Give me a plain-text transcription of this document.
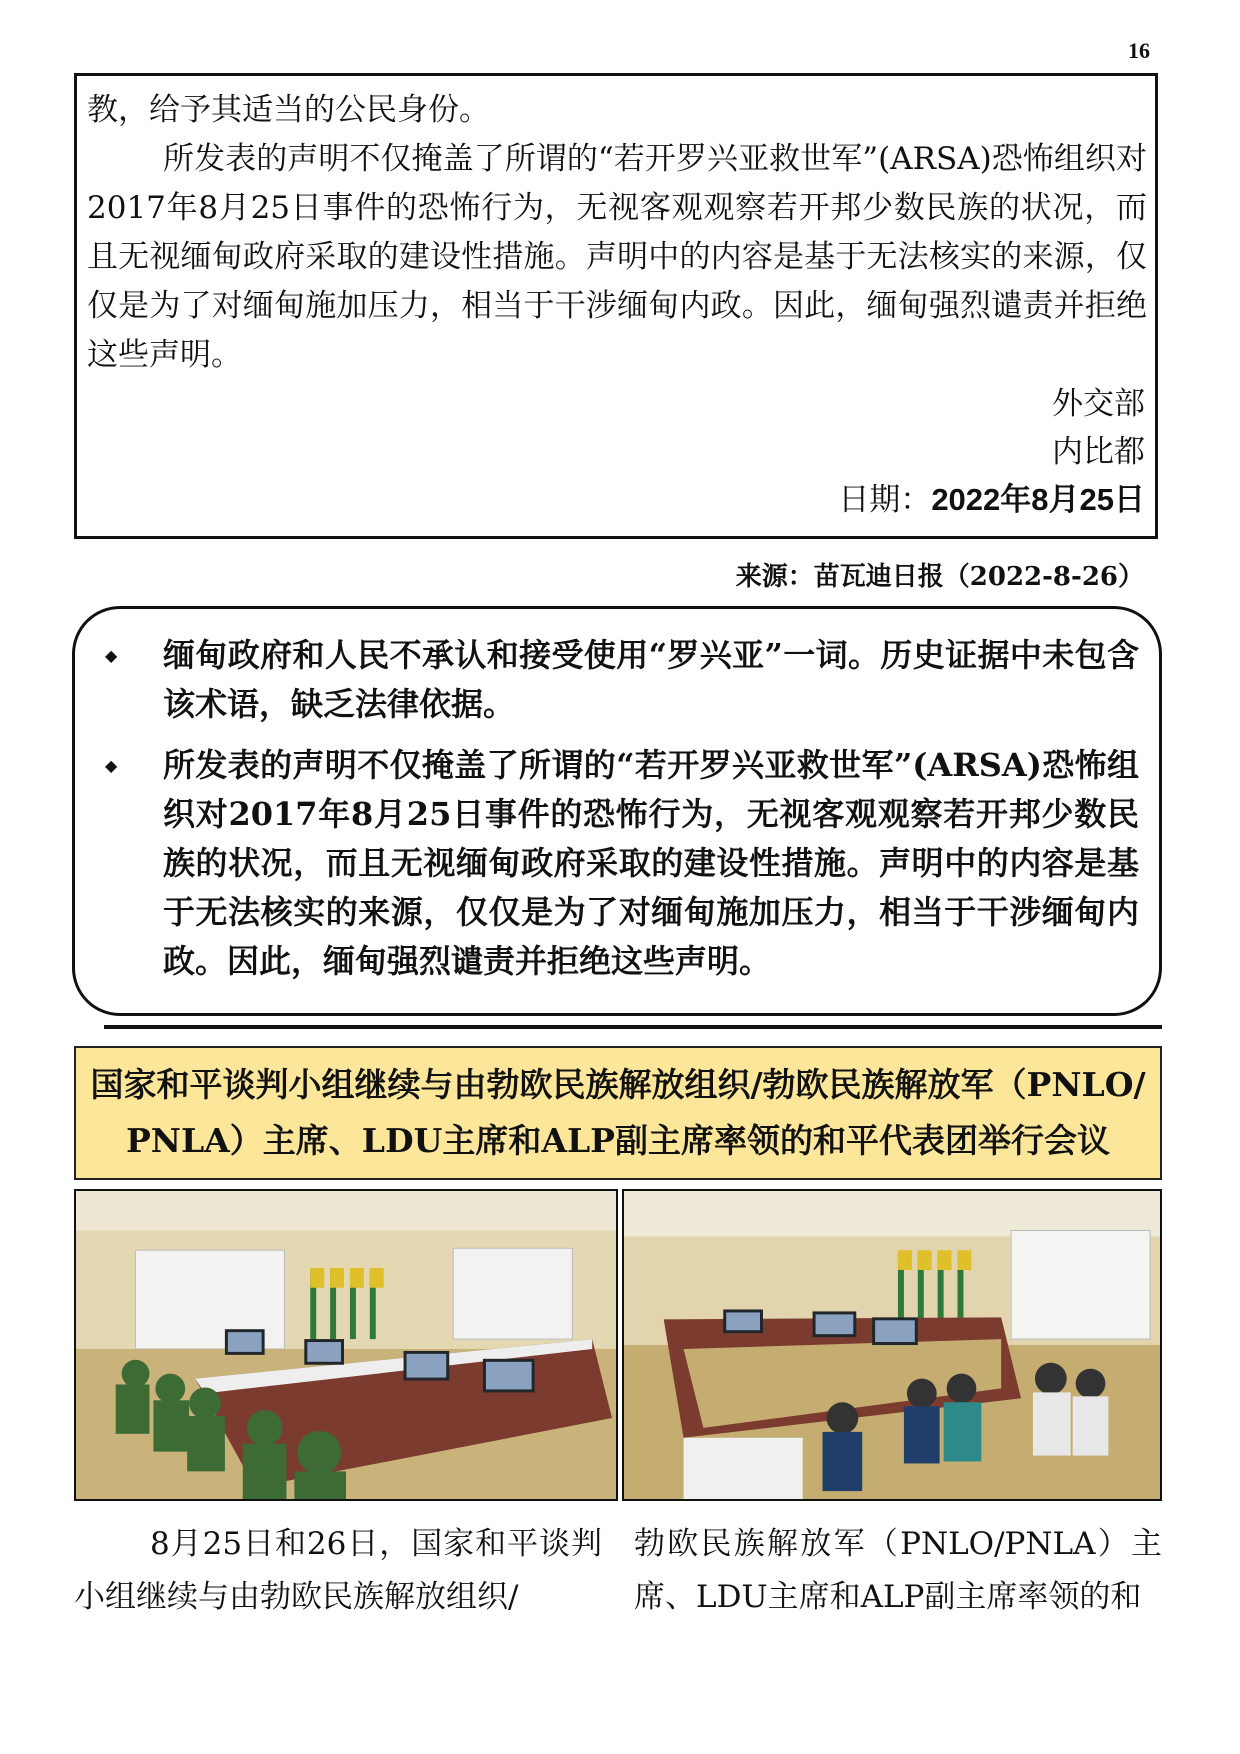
16

教，给予其适当的公民身份。

所发表的声明不仅掩盖了所谓的“若开罗兴亚救世军”(ARSA)恐怖组织对2017年8月25日事件的恐怖行为，无视客观观察若开邦少数民族的状况，而且无视缅甸政府采取的建设性措施。声明中的内容是基于无法核实的来源，仅仅是为了对缅甸施加压力，相当于干涉缅甸内政。因此，缅甸强烈谴责并拒绝这些声明。

外交部
内比都
日期：2022年8月25日
来源：苗瓦迪日报（2022-8-26）
◆ 缅甸政府和人民不承认和接受使用“罗兴亚”一词。历史证据中未包含该术语，缺乏法律依据。
◆ 所发表的声明不仅掩盖了所谓的“若开罗兴亚救世军”(ARSA)恐怖组织对2017年8月25日事件的恐怖行为，无视客观观察若开邦少数民族的状况，而且无视缅甸政府采取的建设性措施。声明中的内容是基于无法核实的来源，仅仅是为了对缅甸施加压力，相当于干涉缅甸内政。因此，缅甸强烈谴责并拒绝这些声明。
国家和平谈判小组继续与由勃欧民族解放组织/勃欧民族解放军（PNLO/
PNLA）主席、LDU主席和ALP副主席率领的和平代表团举行会议
8月25日和26日，国家和平谈判小组继续与由勃欧民族解放组织/
勃欧民族解放军（PNLO/PNLA）主席、LDU主席和ALP副主席率领的和
